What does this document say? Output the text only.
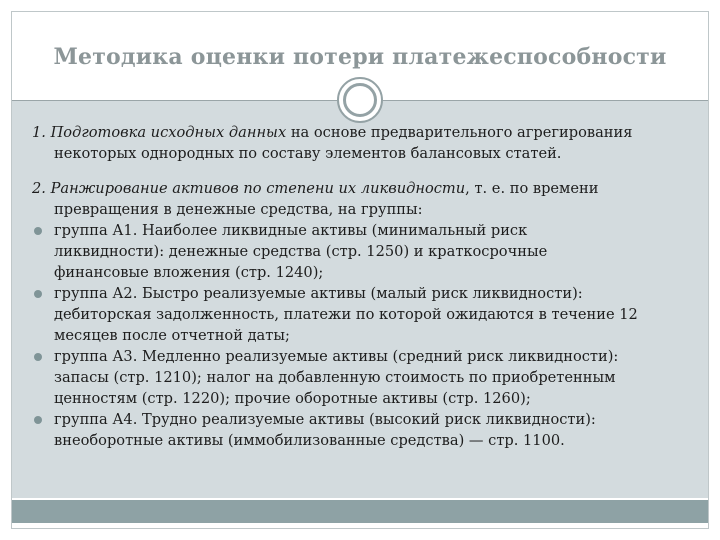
Методика оценки потери платежеспособности

1. Подготовка исходных данных на основе предварительного агрегирования

некоторых однородных по составу элементов балансовых статей.

2. Ранжирование активов по степени их ликвидности, т. е. по времени

превращения в денежные средства, на группы:

группа А1. Наиболее ликвидные активы (минимальный риск
ликвидности): денежные средства (стр. 1250) и краткосрочные
финансовые вложения (стр. 1240);
группа А2. Быстро реализуемые активы (малый риск ликвидности):
дебиторская задолженность, платежи по которой ожидаются в течение 12
месяцев после отчетной даты;
группа А3. Медленно реализуемые активы (средний риск ликвидности):
запасы (стр. 1210); налог на добавленную стоимость по приобретенным
ценностям (стр. 1220); прочие оборотные активы (стр. 1260);
группа А4. Трудно реализуемые активы (высокий риск ликвидности):
внеоборотные активы (иммобилизованные средства) — стр. 1100.
